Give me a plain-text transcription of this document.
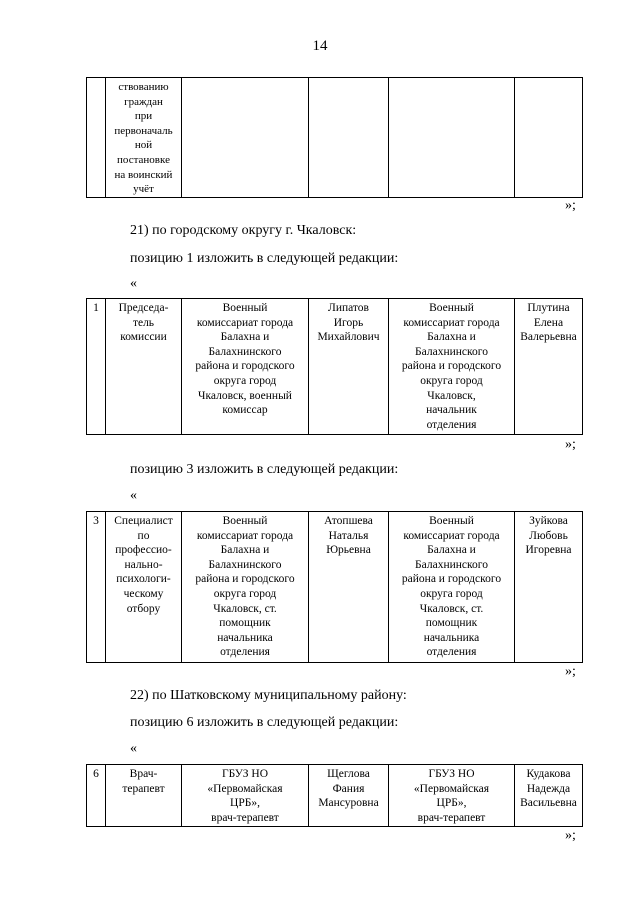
14
	ствованию
граждан
при
первоначаль
ной
постановке
на воинский
учёт				
»;
21) по городскому округу г. Чкаловск:
позицию 1 изложить в следующей редакции:
«
1	Председа-
тель
комиссии	Военный
комиссариат города
Балахна и
Балахнинского
района и городского
округа город
Чкаловск, военный
комиссар	Липатов
Игорь
Михайлович	Военный
комиссариат города
Балахна и
Балахнинского
района и городского
округа город
Чкаловск,
начальник
отделения	Плутина
Елена
Валерьевна
»;
позицию 3 изложить в следующей редакции:
«
3	Специалист
по
профессио-
нально-
психологи-
ческому
отбору	Военный
комиссариат города
Балахна и
Балахнинского
района и городского
округа город
Чкаловск, ст.
помощник
начальника
отделения	Атопшева
Наталья
Юрьевна	Военный
комиссариат города
Балахна и
Балахнинского
района и городского
округа город
Чкаловск, ст.
помощник
начальника
отделения	Зуйкова
Любовь
Игоревна
»;
22) по Шатковскому муниципальному району:
позицию 6 изложить в следующей редакции:
«
6	Врач-
терапевт	ГБУЗ НО
«Первомайская
ЦРБ»,
врач-терапевт	Щеглова
Фания
Мансуровна	ГБУЗ НО
«Первомайская
ЦРБ»,
врач-терапевт	Кудакова
Надежда
Васильевна
»;
